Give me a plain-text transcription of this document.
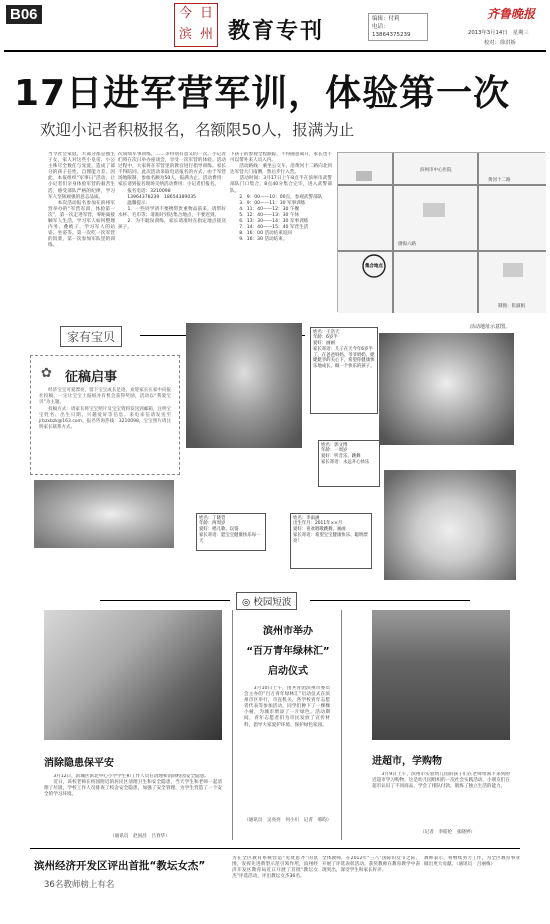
B06	今 日
滨 州 教育专刊	编辑：付莉
电话：13864375239
齐鲁晚报
2013年3月14日　星期三
校对：徐洪娇
17日进军营军训，体验第一次
欢迎小记者积极报名，名额限50人，报满为止
当今社会家庭，大部分都是独生子女，家人对这些小皇帝、小公主殊尽全数任与宠爱，造成了部分的孩子任性、自理能力差，因此，本报组织“军事日”活动，让小记者们亲身体验军营的艰苦生活，感受部队严格的纪律，学习军人坚韧顽强的意志品质。
　　本次活动报名参加在滨州军营举办的“军营军训，体验第一次”，第一次走进军营，零距离接触军人生活，学习军人如何整理内务、叠被子，学习军人的站姿、坐姿等。第一次吃一次军营的饭菜，第一次参加军队里的训练。
次成绩军事训练，……等特别有意义的一次。小记者们将在次日举办座谈会，享受一次军营的体验。活动过程中，大家将在军营里的教官进行指导训练。家长不得陪同。此次活动采取电话报名的方式，由于军营场地限制，参加名额为50人，报满为止。活动费用：家长请到报名现场交纳活动费用：小记者们报名。
　　报名电话：3210098
　　13964378239　18654389035
　　温馨提示：
　　1．一些同学请不要携带贵重物品前来，请带好水杯、毛巾等；请准时到达集合地点，不要迟到。
　　2．为不耽误训练，家长请准时在指定地点接送孩子。
下孩子的参观全程跟踪，不得随意离开，家长也不可以带外来人员入内。
　　活动路线：乘坐公交车，沿黄河十二路向北到达军营大门南侧，然后步行入营。
　　活动时间：3月17日上午8点半在滨州市武警部队门口集合，8点40分集合完毕，进入武警部队。
　　2．9：00——10：00点，参观武警部队
　　3．9：00——11：30 军事训练
　　4．11：40——12：30 午餐
　　5．12：40——13：30 午休
　　6．13：30——14：30 军事训练
　　7．14：40——15：40 军营生活
　　8．16：00 活动结束返回
　　9．16：30 活动结束。
滨州市中心医院
黄河十二路
渤海六路
集合地点
制图：崔淑娟
活动地址示意图。
家有宝贝
✿ 征稿启事
　　经济宝宝可爱漂亮，留下宝宝成长足迹，欢迎家长在家中向报社投稿，一定让宝宝上报纸并有机会获得奖励，活动以“我爱宝贝”为主题。
　　投稿方式：请家长将宝宝照片及宝宝资料发送到邮箱，注明宝宝姓名、出生日期、兴趣爱好等信息。来电来信请发送至jrbzxbzk@163.com。报名咨询热线：3210098，宝宝照片请注明家长联系方式。
姓名：王浩天
年龄：6岁半
爱好：画画
家长寄语：儿子在天今年6岁半了，在爸爸妈妈、爷爷奶奶、姥姥姥爷的关心下，希望你健康快乐地成长，做一个快乐的孩子。
姓名：郭文博
年龄：一周岁
爱好：听音乐、跳舞
家长寄语：永远开心快乐
姓名：丁晓萱
年龄：两周岁
爱好：唱儿歌、玩耍
家长寄语：愿宝宝健康快乐每一天
姓名：李雨涵
出生年月：2011年××月
爱好：喜欢唱歌跳舞、画画
家长寄语：希望宝宝健康快乐、聪明漂亮！
◎ 校园短波
消除隐患保平安
　　3月12日，滨城区滨北中心小学学生和工作人员在清理和消除校园安全隐患。
　　近日，该校老师在校园附近的居民区清理卫生和安全隐患，当天学生和老师一起清理了垃圾，学校工作人员排查了校舍安全隐患，加强了安全管理，为学生营造了一个安全的学习环境。
（通讯员　赵国昌　吕春华）
滨州市举办
“百万青年绿林汇”
启动仪式
　　3月10日上午，由共青团滨州市委员会主办的“百万青年绿林汇”启动仪式在滨州市区举行，市直机关、各学校青年志愿者代表等参加活动，同学们种下了一棵棵小树，为城市增添了一片绿色。活动期间，青年志愿者们为市民发放了宣传材料，倡导大家爱护环境、保护绿色家园。
（通讯员　吴亮亮　何小川　记者　邢昀）
进超市，学购物
　　3月9日上午，滨州市实验幼儿园的孩子们在老师带领下来到附近超市学习购物，这是幼儿园组织的一次社会实践活动，小朋友们在超市认识了不同商品，学会了排队付款，锻炼了独立生活的能力。
（记者　李皓伦　张晓婷）
滨州经济开发区评出首批“教坛女杰”
36名教师榜上有名
为在全区教育系统营造“见贤思齐”的氛围，发挥先进典型示范引领作用，滨州经济开发区教育局近日开展了首批“教坛女杰”评选活动，评出教坛女杰36名。
全体教师，在2012年“三八”国际妇女节之际，开展了评选表彰活动。获奖教师在教育教学中表现突出，深受学生和家长好评。
教师表示，将继续努力工作，为全区教育事业做出更大贡献。（通讯员　吕丽梅）
